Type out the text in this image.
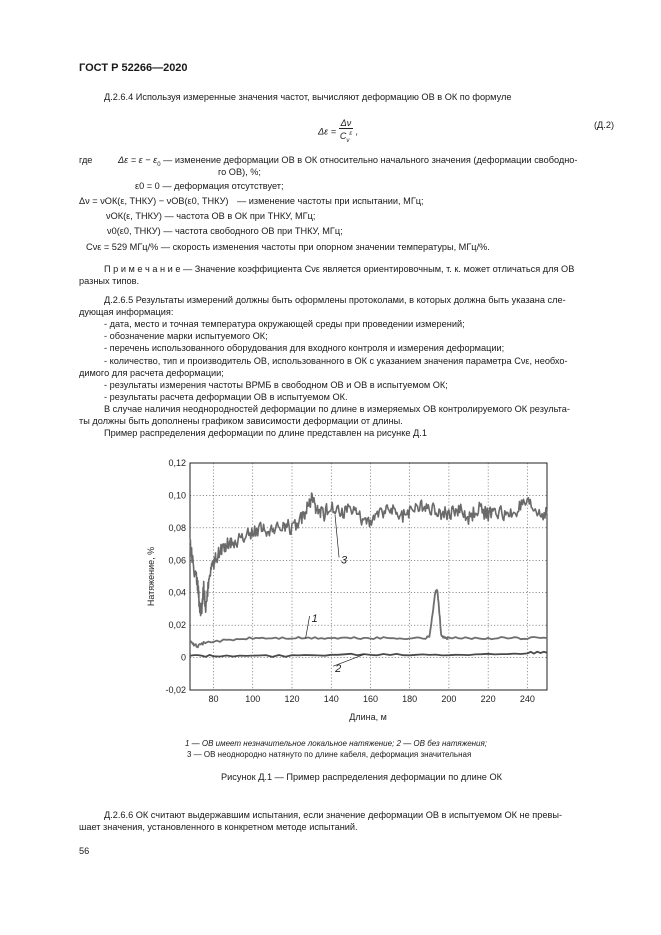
ГОСТ Р 52266—2020
Д.2.6.4 Используя измеренные значения частот, вычисляют деформацию ОВ в ОК по формуле
Δε =
Δν
$C_\nu^\varepsilon$ ,
(Д.2)
где	$\Delta\varepsilon = \varepsilon - \varepsilon_0$ — изменение деформации ОВ в ОК относительно начального значения (деформации свободно-
го ОВ), %;
ε0 = 0 — деформация отсутствует;
Δν = νОК(ε, TНКУ) − νОВ(ε0, TНКУ) — изменение частоты при испытании, МГц;
νОК(ε, TНКУ) — частота ОВ в ОК при TНКУ, МГц;
ν0(ε0, TНКУ) — частота свободного ОВ при TНКУ, МГц;
Cνε = 529 МГц/% — скорость изменения частоты при опорном значении температуры, МГц/%.
П р и м е ч а н и е — Значение коэффициента Cνε является ориентировочным, т. к. может отличаться для ОВ
разных типов.
Д.2.6.5 Результаты измерений должны быть оформлены протоколами, в которых должна быть указана сле-
дующая информация:
- дата, место и точная температура окружающей среды при проведении измерений;
- обозначение марки испытуемого ОК;
- перечень использованного оборудования для входного контроля и измерения деформации;
- количество, тип и производитель ОВ, использованного в ОК с указанием значения параметра Cνε, необхо-
димого для расчета деформации;
- результаты измерения частоты ВРМБ в свободном ОВ и ОВ в испытуемом ОК;
- результаты расчета деформации ОВ в испытуемом ОК.
В случае наличия неоднородностей деформации по длине в измеряемых ОВ контролируемого ОК результа-
ты должны быть дополнены графиком зависимости деформации от длины.
Пример распределения деформации по длине представлен на рисунке Д.1
80	100	120	140	160	180	200	220	240
-0,02
0
0,02
0,04
0,06
0,08
0,10
0,12
1
2
3
Натяжение, %
Длина, м
1 — ОВ имеет незначительное локальное натяжение; 2 — ОВ без натяжения;
3 — ОВ неоднородно натянуто по длине кабеля, деформация значительная
Рисунок Д.1 — Пример распределения деформации по длине ОК
Д.2.6.6 ОК считают выдержавшим испытания, если значение деформации ОВ в испытуемом ОК не превы-
шает значения, установленного в конкретном методе испытаний.
56
